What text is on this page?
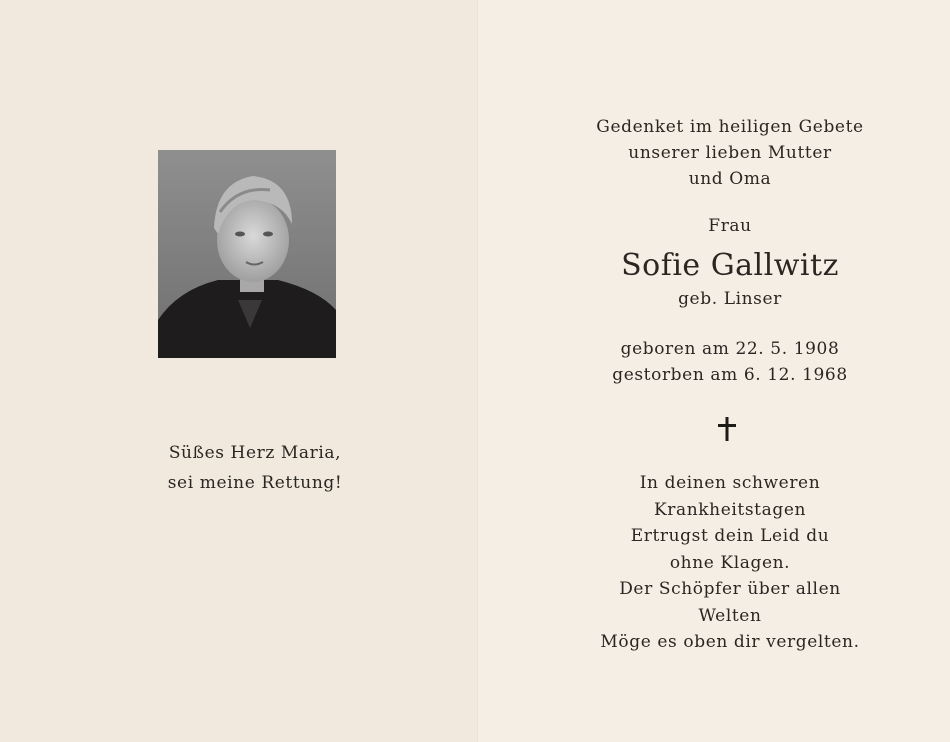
Süßes Herz Maria,
sei meine Rettung!
Gedenket im heiligen Gebete
unserer lieben Mutter
und Oma
Frau
Sofie Gallwitz
geb. Linser
geboren am 22. 5. 1908
gestorben am 6. 12. 1968
In deinen schweren
Krankheitstagen
Ertrugst dein Leid du
ohne Klagen.
Der Schöpfer über allen
Welten
Möge es oben dir vergelten.
